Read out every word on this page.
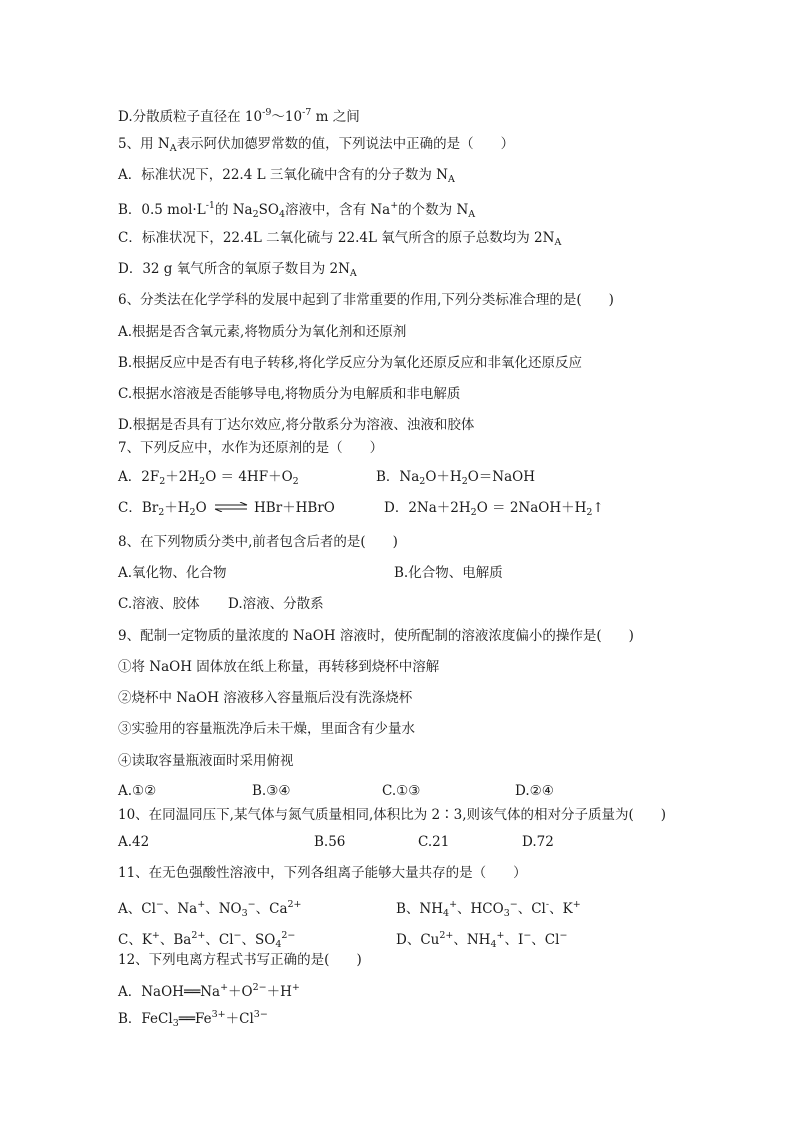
D.分散质粒子直径在 $10^{-9}\sim 10^{-7}$ m 之间
5、用 $N_A$表示阿伏加德罗常数的值，下列说法中正确的是（　　）
A．标准状况下，22.4 L 三氧化硫中含有的分子数为 $N_A$
B．0.5 $mol\cdot L^{-1}$的 $Na_2SO_4$溶液中，含有 Na+的个数为 $N_A$
C．标准状况下，22.4L 二氧化硫与 22.4L 氧气所含的原子总数均为 $2N_A$
D．32 g 氧气所含的氧原子数目为 $2N_A$
6、分类法在化学学科的发展中起到了非常重要的作用,下列分类标准合理的是(　　)
A.根据是否含氧元素,将物质分为氧化剂和还原剂
B.根据反应中是否有电子转移,将化学反应分为氧化还原反应和非氧化还原反应
C.根据水溶液是否能够导电,将物质分为电解质和非电解质
D.根据是否具有丁达尔效应,将分散系分为溶液、浊液和胶体
7、下列反应中，水作为还原剂的是（　　）
A．$2F_2+2H_2O = 4HF+O_2$	B．$Na_2O+H_2O=NaOH$
C．$Br_2+H_2O$ ⇌ HBr＋HBrO	D．$2Na+2H_2O$ ＝ $2NaOH+H_2↑$
8、在下列物质分类中,前者包含后者的是(　　)
A.氧化物、化合物	B.化合物、电解质
C.溶液、胶体 D.溶液、分散系
9、配制一定物质的量浓度的 NaOH 溶液时，使所配制的溶液浓度偏小的操作是(　　)
①将 NaOH 固体放在纸上称量，再转移到烧杯中溶解
②烧杯中 NaOH 溶液移入容量瓶后没有洗涤烧杯
③实验用的容量瓶洗净后未干燥，里面含有少量水
④读取容量瓶液面时采用俯视
A.①②	B.③④	C.①③	D.②④
10、在同温同压下,某气体与氮气质量相同,体积比为 2∶3,则该气体的相对分子质量为(　　)
A.42	B.56	C.21	D.72
11、在无色强酸性溶液中，下列各组离子能够大量共存的是（　　）
A、Cl−、Na+、$NO_3^-$、$Ca^{2+}$	B、$NH_4^+$、$HCO_3^-$、Cl-、K+
C、K+、$Ba^{2+}$、Cl−、$SO_4^{2-}$	D、$Cu^{2+}$、$NH_4^+$、I−、Cl−
12、下列电离方程式书写正确的是(　　)
A．$NaOH══Na^++O^{2-}+H^+$
B．$FeCl_3══Fe^{3+}+Cl^{3-}$
